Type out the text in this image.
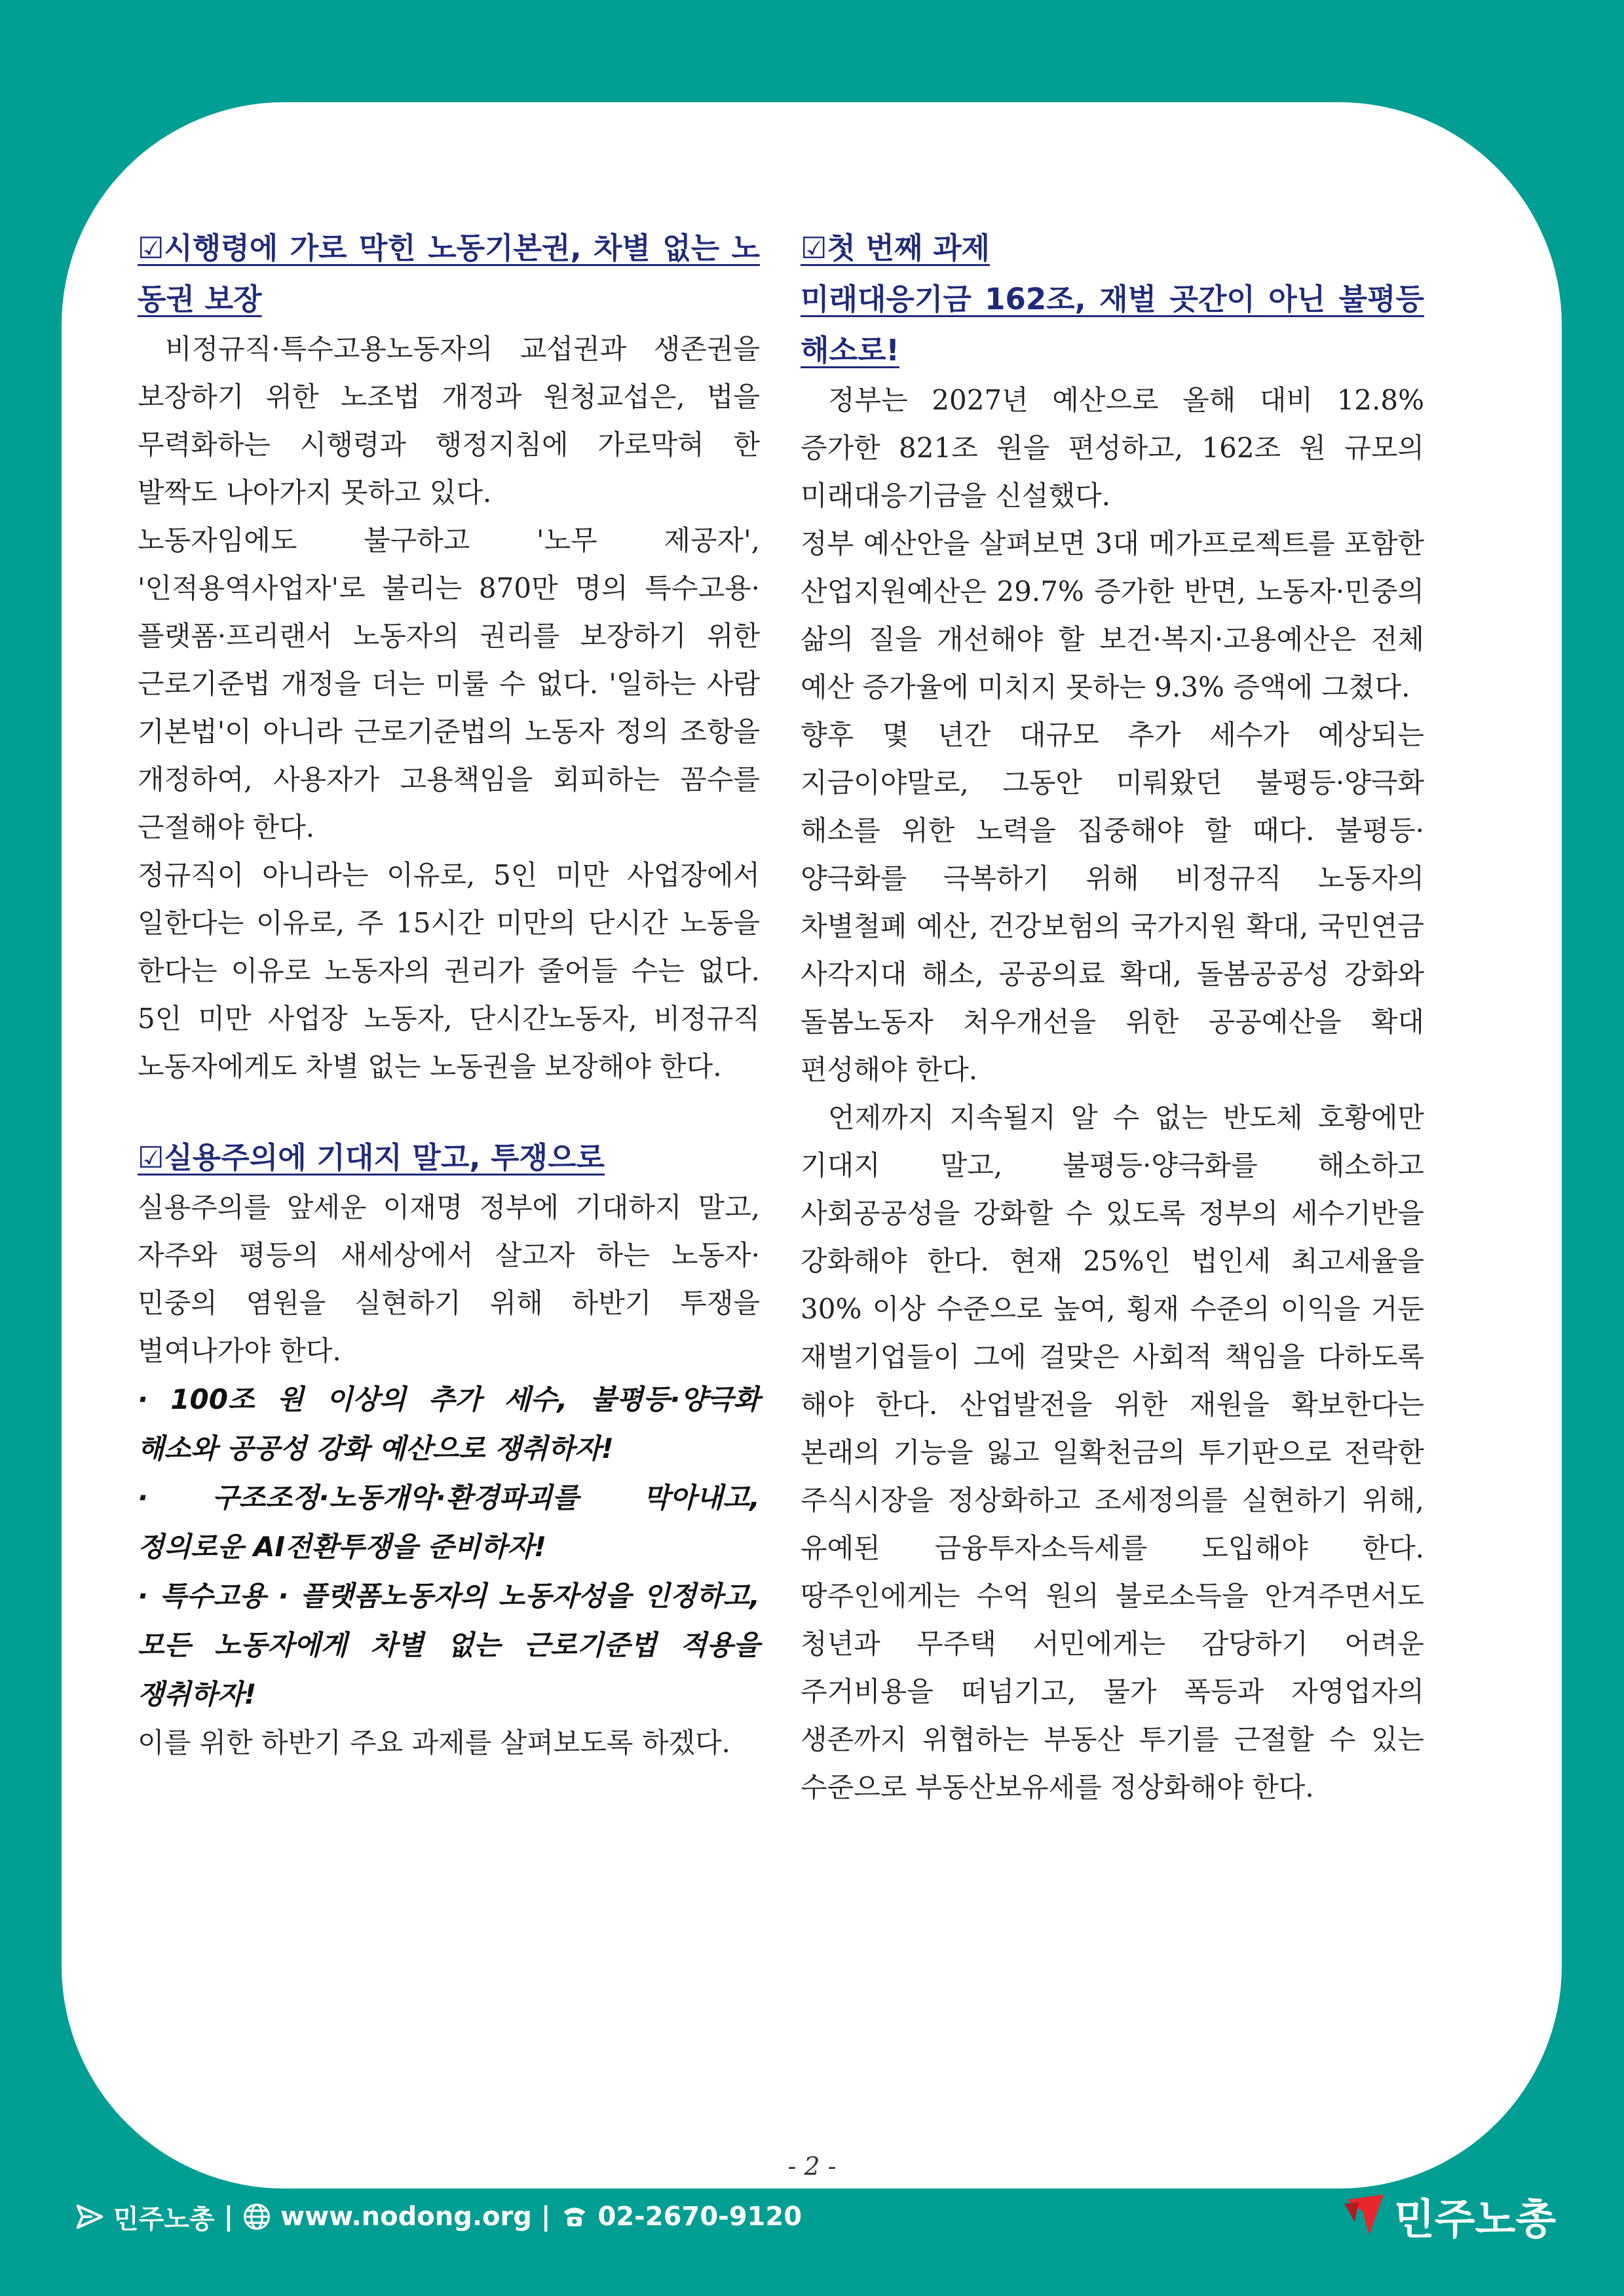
☑시행령에 가로 막힌 노동기본권, 차별 없는 노동권 보장

비정규직·특수고용노동자의 교섭권과 생존권을 보장하기 위한 노조법 개정과 원청교섭은, 법을 무력화하는 시행령과 행정지침에 가로막혀 한 발짝도 나아가지 못하고 있다.

노동자임에도 불구하고 '노무 제공자', '인적용역사업자'로 불리는 870만 명의 특수고용·플랫폼·프리랜서 노동자의 권리를 보장하기 위한 근로기준법 개정을 더는 미룰 수 없다. '일하는 사람 기본법'이 아니라 근로기준법의 노동자 정의 조항을 개정하여, 사용자가 고용책임을 회피하는 꼼수를 근절해야 한다.

정규직이 아니라는 이유로, 5인 미만 사업장에서 일한다는 이유로, 주 15시간 미만의 단시간 노동을 한다는 이유로 노동자의 권리가 줄어들 수는 없다. 5인 미만 사업장 노동자, 단시간노동자, 비정규직 노동자에게도 차별 없는 노동권을 보장해야 한다.

☑실용주의에 기대지 말고, 투쟁으로

실용주의를 앞세운 이재명 정부에 기대하지 말고, 자주와 평등의 새세상에서 살고자 하는 노동자·민중의 염원을 실현하기 위해 하반기 투쟁을 벌여나가야 한다.

· 100조 원 이상의 추가 세수, 불평등·양극화 해소와 공공성 강화 예산으로 쟁취하자!

· 구조조정·노동개악·환경파괴를 막아내고, 정의로운 AI전환투쟁을 준비하자!

· 특수고용 · 플랫폼노동자의 노동자성을 인정하고, 모든 노동자에게 차별 없는 근로기준법 적용을 쟁취하자!

이를 위한 하반기 주요 과제를 살펴보도록 하겠다.

☑첫 번째 과제

미래대응기금 162조, 재벌 곳간이 아닌 불평등 해소로!

정부는 2027년 예산으로 올해 대비 12.8% 증가한 821조 원을 편성하고, 162조 원 규모의 미래대응기금을 신설했다.

정부 예산안을 살펴보면 3대 메가프로젝트를 포함한 산업지원예산은 29.7% 증가한 반면, 노동자·민중의 삶의 질을 개선해야 할 보건·복지·고용예산은 전체 예산 증가율에 미치지 못하는 9.3% 증액에 그쳤다.

향후 몇 년간 대규모 추가 세수가 예상되는 지금이야말로, 그동안 미뤄왔던 불평등·양극화 해소를 위한 노력을 집중해야 할 때다. 불평등·양극화를 극복하기 위해 비정규직 노동자의 차별철폐 예산, 건강보험의 국가지원 확대, 국민연금 사각지대 해소, 공공의료 확대, 돌봄공공성 강화와 돌봄노동자 처우개선을 위한 공공예산을 확대 편성해야 한다.

언제까지 지속될지 알 수 없는 반도체 호황에만 기대지 말고, 불평등·양극화를 해소하고 사회공공성을 강화할 수 있도록 정부의 세수기반을 강화해야 한다. 현재 25%인 법인세 최고세율을 30% 이상 수준으로 높여, 횡재 수준의 이익을 거둔 재벌기업들이 그에 걸맞은 사회적 책임을 다하도록 해야 한다. 산업발전을 위한 재원을 확보한다는 본래의 기능을 잃고 일확천금의 투기판으로 전락한 주식시장을 정상화하고 조세정의를 실현하기 위해, 유예된 금융투자소득세를 도입해야 한다. 땅주인에게는 수억 원의 불로소득을 안겨주면서도 청년과 무주택 서민에게는 감당하기 어려운 주거비용을 떠넘기고, 물가 폭등과 자영업자의 생존까지 위협하는 부동산 투기를 근절할 수 있는 수준으로 부동산보유세를 정상화해야 한다.

- 2 -
민주노총 | www.nodong.org | 02-2670-9120	민주노총
